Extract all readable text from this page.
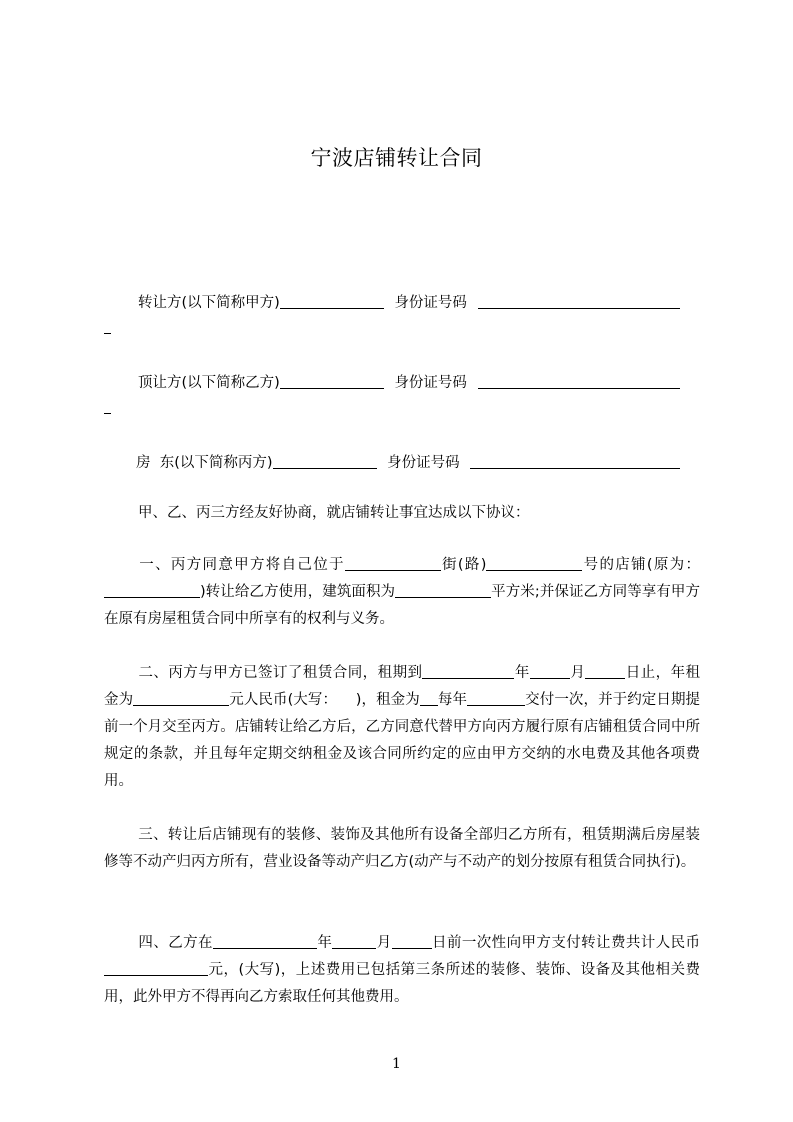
宁波店铺转让合同
转让方(以下简称甲方)	身份证号码
顶让方(以下简称乙方)	身份证号码
房  东(以下简称丙方)	身份证号码
甲、乙、丙三方经友好协商，就店铺转让事宜达成以下协议：
一、丙方同意甲方将自己位于	街(路)	号的店铺(原为：)转让给乙方使用，建筑面积为	平方米;并保证乙方同等享有甲方在原有房屋租赁合同中所享有的权利与义务。
二、丙方与甲方已签订了租赁合同，租期到	年	月	日止，年租金为	元人民币(大写：    )，租金为 每年	交付一次，并于约定日期提前一个月交至丙方。店铺转让给乙方后，乙方同意代替甲方向丙方履行原有店铺租赁合同中所规定的条款，并且每年定期交纳租金及该合同所约定的应由甲方交纳的水电费及其他各项费用。
三、转让后店铺现有的装修、装饰及其他所有设备全部归乙方所有，租赁期满后房屋装修等不动产归丙方所有，营业设备等动产归乙方(动产与不动产的划分按原有租赁合同执行)。
四、乙方在	年	月	日前一次性向甲方支付转让费共计人民币元，(大写)，上述费用已包括第三条所述的装修、装饰、设备及其他相关费用，此外甲方不得再向乙方索取任何其他费用。
1
